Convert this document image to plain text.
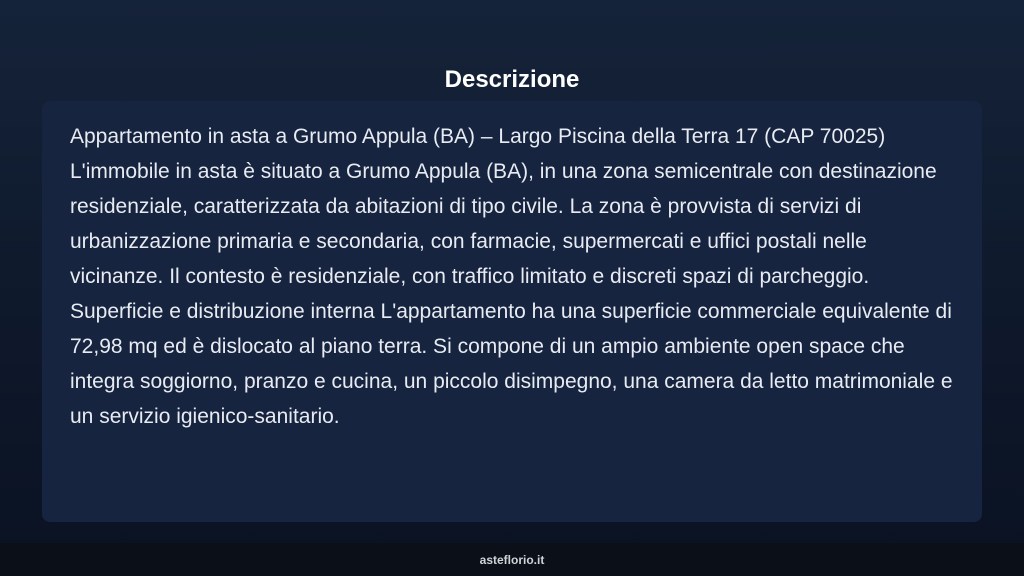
Descrizione

Appartamento in asta a Grumo Appula (BA) – Largo Piscina della Terra 17 (CAP 70025) L'immobile in asta è situato a Grumo Appula (BA), in una zona semicentrale con destinazione residenziale, caratterizzata da abitazioni di tipo civile. La zona è provvista di servizi di urbanizzazione primaria e secondaria, con farmacie, supermercati e uffici postali nelle vicinanze. Il contesto è residenziale, con traffico limitato e discreti spazi di parcheggio. Superficie e distribuzione interna L'appartamento ha una superficie commerciale equivalente di 72,98 mq ed è dislocato al piano terra. Si compone di un ampio ambiente open space che integra soggiorno, pranzo e cucina, un piccolo disimpegno, una camera da letto matrimoniale e un servizio igienico-sanitario.

asteflorio.it
